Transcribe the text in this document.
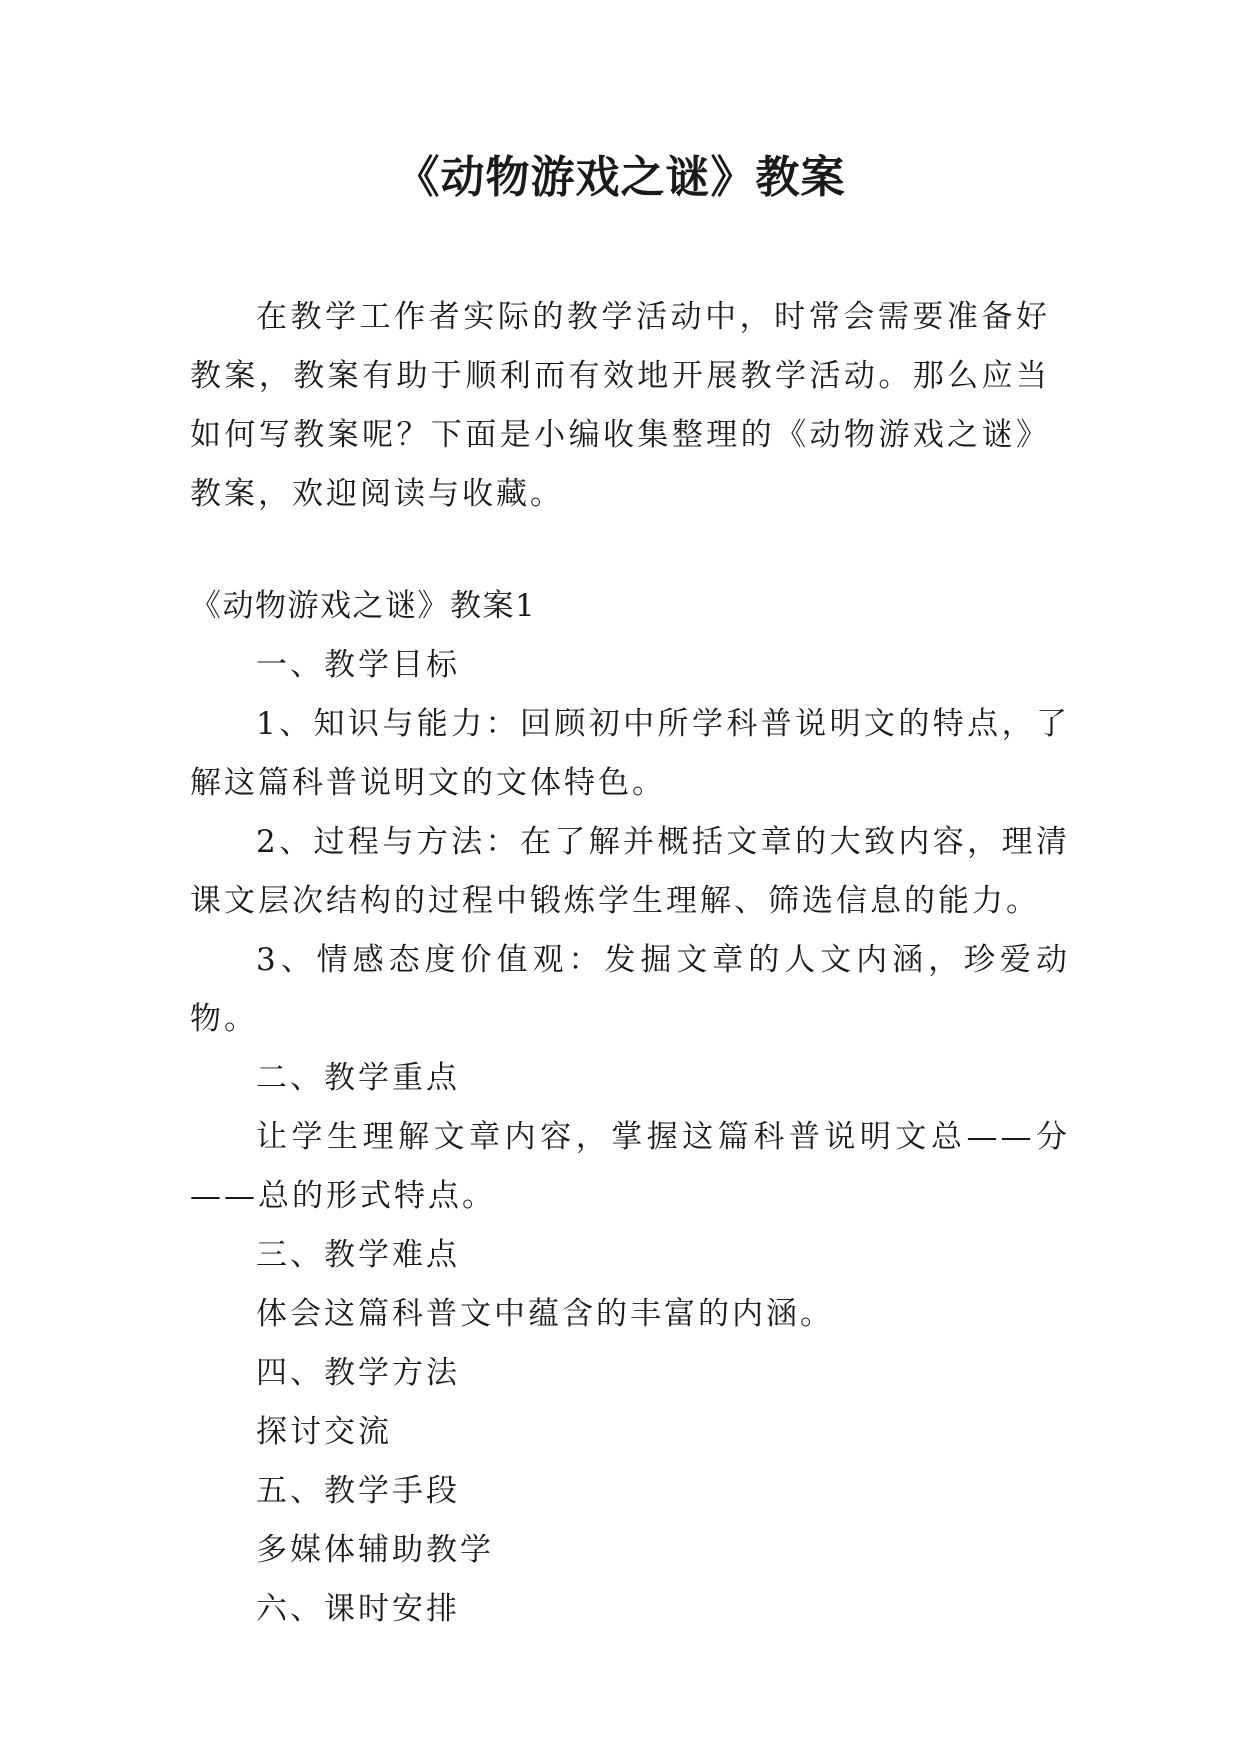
《动物游戏之谜》教案

在教学工作者实际的教学活动中，时常会需要准备好教案，教案有助于顺利而有效地开展教学活动。那么应当如何写教案呢？下面是小编收集整理的《动物游戏之谜》教案，欢迎阅读与收藏。

《动物游戏之谜》教案1

一、教学目标

1、知识与能力：回顾初中所学科普说明文的特点，了解这篇科普说明文的文体特色。

2、过程与方法：在了解并概括文章的大致内容，理清课文层次结构的过程中锻炼学生理解、筛选信息的能力。

3、情感态度价值观：发掘文章的人文内涵，珍爱动物。

二、教学重点

让学生理解文章内容，掌握这篇科普说明文总——分——总的形式特点。

三、教学难点

体会这篇科普文中蕴含的丰富的内涵。

四、教学方法

探讨交流

五、教学手段

多媒体辅助教学

六、课时安排
